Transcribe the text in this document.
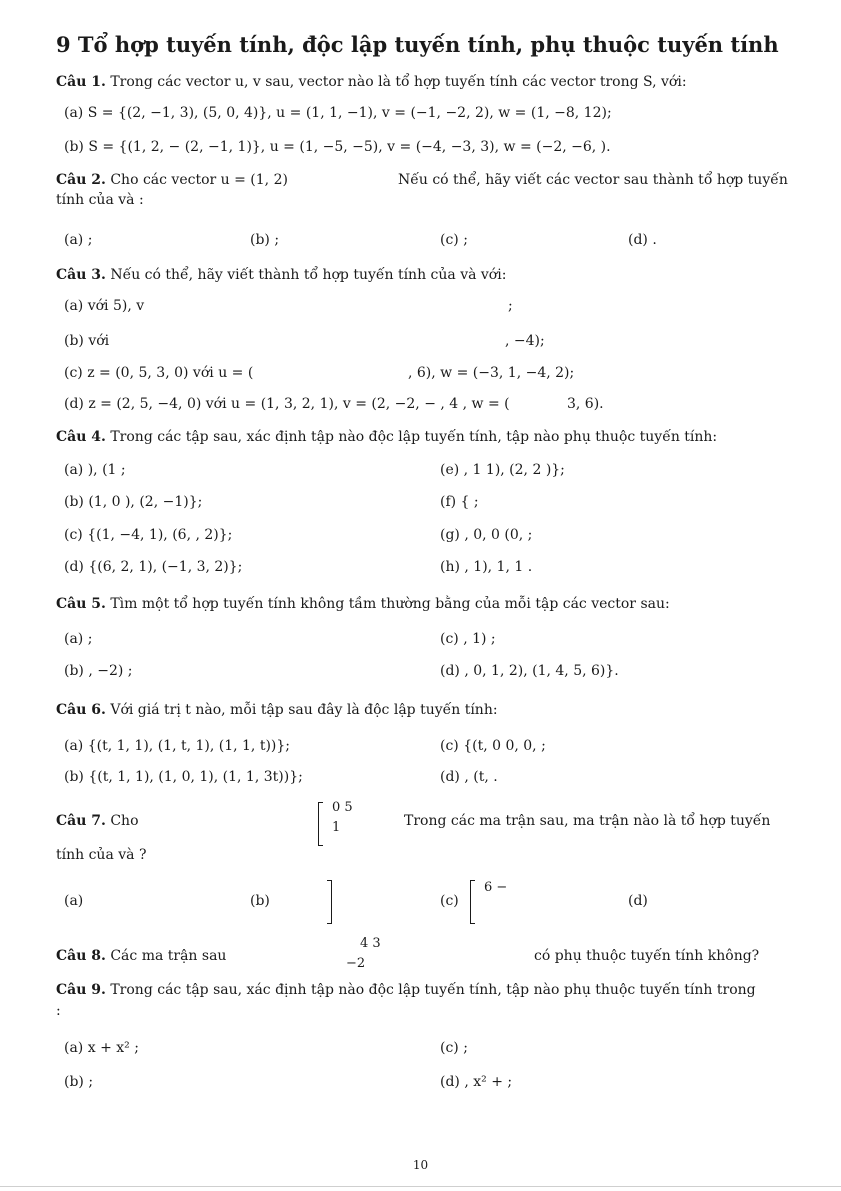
9 Tổ hợp tuyến tính, độc lập tuyến tính, phụ thuộc tuyến tính
Câu 1. Trong các vector u, v sau, vector nào là tổ hợp tuyến tính các vector trong S, với:
(a) S = {(2, −1, 3), (5, 0, 4)}, u = (1, 1, −1), v = (−1, −2, 2), w = (1, −8, 12);
(b) S = {(1, 2, − (2, −1, 1)}, u = (1, −5, −5), v = (−4, −3, 3), w = (−2, −6, ).
Câu 2. Cho các vector u = (1, 2)	Nếu có thể, hãy viết các vector sau thành tổ hợp tuyến
tính của và :
(a) ;	(b) ;	(c) ;	(d) .
Câu 3. Nếu có thể, hãy viết thành tổ hợp tuyến tính của và với:
(a) với 5), v	;
(b) với	, −4);
(c) z = (0, 5, 3, 0) với u = (	, 6), w = (−3, 1, −4, 2);
(d) z = (2, 5, −4, 0) với u = (1, 3, 2, 1), v = (2, −2, − , 4 , w = (	3, 6).
Câu 4. Trong các tập sau, xác định tập nào độc lập tuyến tính, tập nào phụ thuộc tuyến tính:
(a) ), (1 ;
(b) (1, 0 ), (2, −1)};
(c) {(1, −4, 1), (6, , 2)};
(d) {(6, 2, 1), (−1, 3, 2)};
(e) , 1 1), (2, 2 )};
(f) { ;
(g) , 0, 0 (0, ;
(h) , 1), 1, 1 .
Câu 5. Tìm một tổ hợp tuyến tính không tầm thường bằng của mỗi tập các vector sau:
(a) ;
(b) , −2) ;
(c) , 1) ;
(d) , 0, 1, 2), (1, 4, 5, 6)}.
Câu 6. Với giá trị t nào, mỗi tập sau đây là độc lập tuyến tính:
(a) {(t, 1, 1), (1, t, 1), (1, 1, t))};
(b) {(t, 1, 1), (1, 0, 1), (1, 1, 3t))};
(c) {(t, 0 0, 0, ;
(d) , (t, .
Câu 7. Cho
0 5
1	Trong các ma trận sau, ma trận nào là tổ hợp tuyến
tính của và ?
(a)	(b)	(c)
6 −
(d)
Câu 8. Các ma trận sau
4 3
−2	có phụ thuộc tuyến tính không?
Câu 9. Trong các tập sau, xác định tập nào độc lập tuyến tính, tập nào phụ thuộc tuyến tính trong
:
(a) x + x² ;
(b) ;
(c) ;
(d) , x² + ;
10
